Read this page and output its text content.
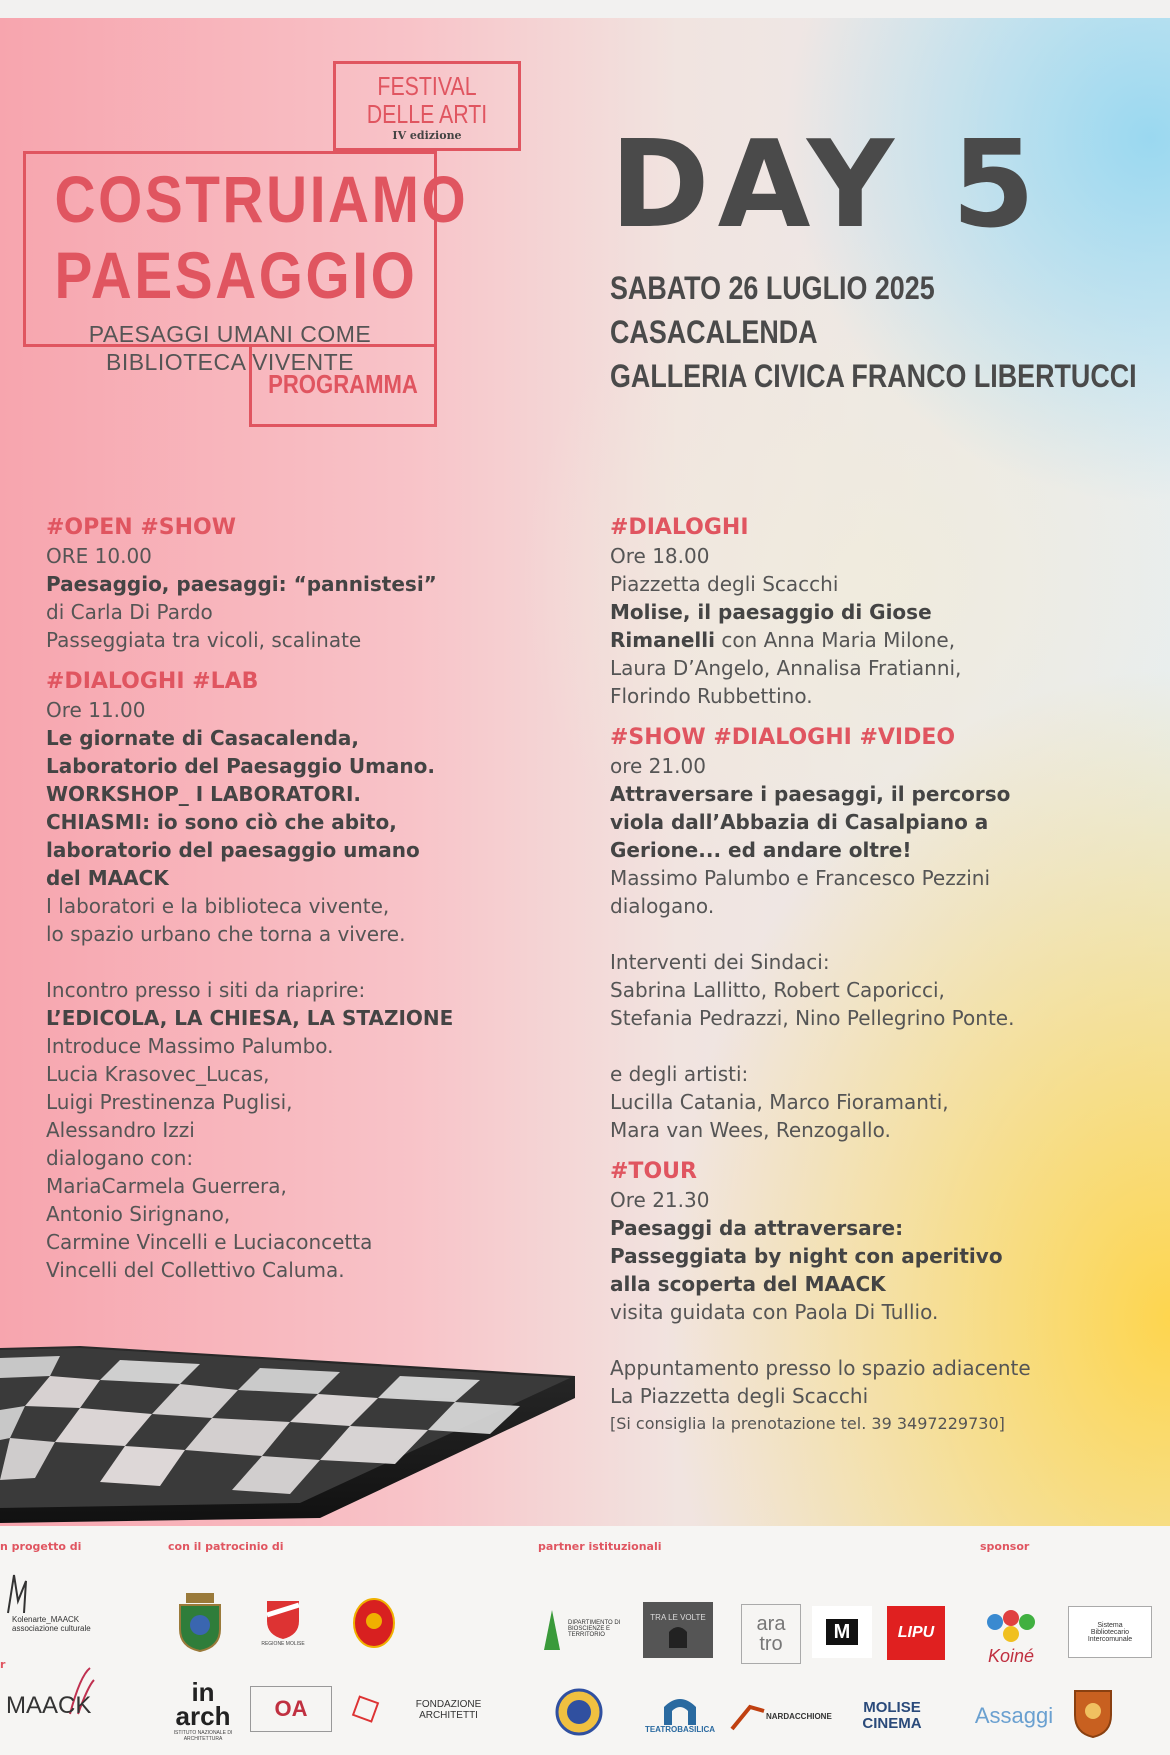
FESTIVAL
DELLE ARTI
IV edizione
COSTRUIAMO
PAESAGGIO
PAESAGGI UMANI COME
BIBLIOTECA VIVENTE
PROGRAMMA
DAY 5
SABATO 26 LUGLIO 2025
CASACALENDA
GALLERIA CIVICA FRANCO LIBERTUCCI
#OPEN #SHOW
ORE 10.00
Paesaggio, paesaggi: “pannistesi”
di Carla Di Pardo
Passeggiata tra vicoli, scalinate
#DIALOGHI #LAB
Ore 11.00
Le giornate di Casacalenda,
Laboratorio del Paesaggio Umano.
WORKSHOP_ I LABORATORI.
CHIASMI: io sono ciò che abito,
laboratorio del paesaggio umano
del MAACK
I laboratori e la biblioteca vivente,
lo spazio urbano che torna a vivere.
Incontro presso i siti da riaprire:
L’EDICOLA, LA CHIESA, LA STAZIONE
Introduce Massimo Palumbo.
Lucia Krasovec_Lucas,
Luigi Prestinenza Puglisi,
Alessandro Izzi
dialogano con:
MariaCarmela Guerrera,
Antonio Sirignano,
Carmine Vincelli e Luciaconcetta
Vincelli del Collettivo Caluma.
#DIALOGHI
Ore 18.00
Piazzetta degli Scacchi
Molise, il paesaggio di Giose
Rimanelli con Anna Maria Milone,
Laura D’Angelo, Annalisa Fratianni,
Florindo Rubbettino.
#SHOW #DIALOGHI #VIDEO
ore 21.00
Attraversare i paesaggi, il percorso
viola dall’Abbazia di Casalpiano a
Gerione... ed andare oltre!
Massimo Palumbo e Francesco Pezzini
dialogano.
Interventi dei Sindaci:
Sabrina Lallitto, Robert Caporicci,
Stefania Pedrazzi, Nino Pellegrino Ponte.
e degli artisti:
Lucilla Catania, Marco Fioramanti,
Mara van Wees, Renzogallo.
#TOUR
Ore 21.30
Paesaggi da attraversare:
Passeggiata by night con aperitivo
alla scoperta del MAACK
visita guidata con Paola Di Tullio.
Appuntamento presso lo spazio adiacente
La Piazzetta degli Scacchi
[Si consiglia la prenotazione tel. 39 3497229730]
n progetto di	con il patrocinio di	partner istituzionali	sponsor
r
Kolenarte_MAACK associazione culturale
MAACK
REGIONE MOLISE
in arch
ISTITUTO NAZIONALE DI ARCHITETTURA
OA	FONDAZIONE ARCHITETTI
DIPARTIMENTO DI BIOSCIENZE E TERRITORIO
TRA LE VOLTE	ara tro
M	LIPU
TEATROBASILICA
NARDACCHIONE	MOLISE CINEMA
Koiné
Sistema Bibliotecario Intercomunale
Assaggi
